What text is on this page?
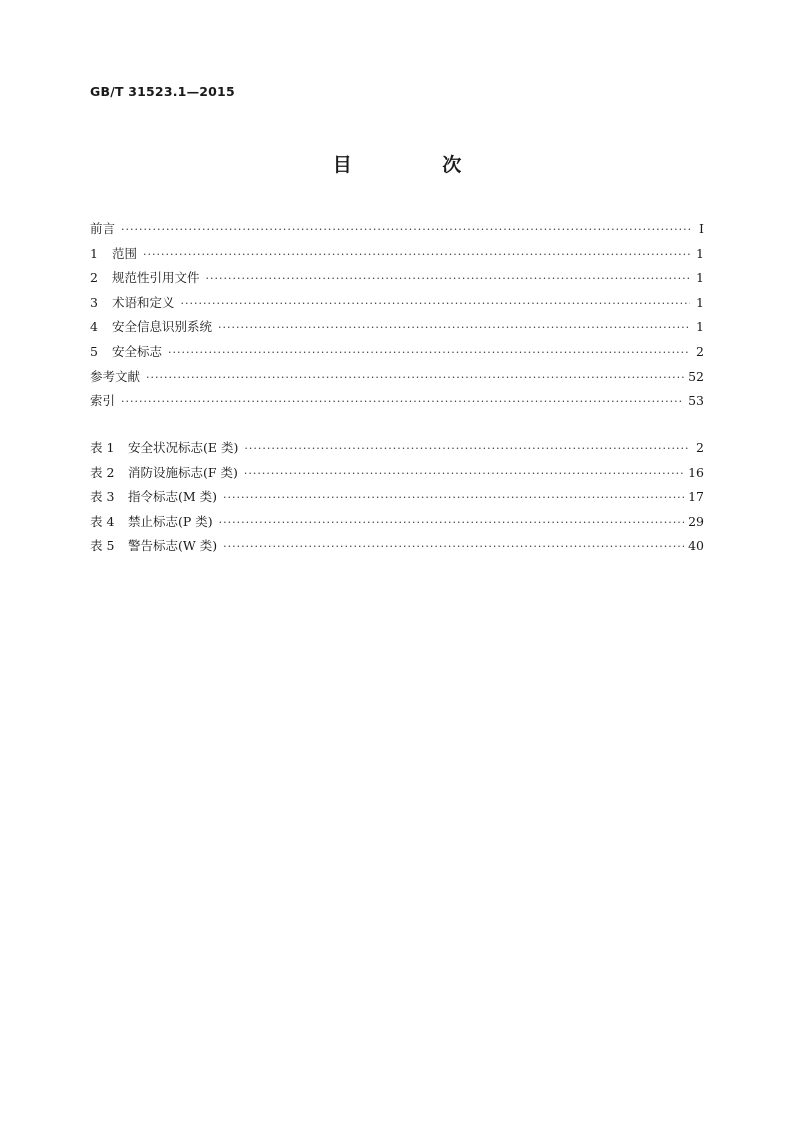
GB/T 31523.1—2015
目 次
前言 ·····	Ⅰ
1 范围 ·····	1
2 规范性引用文件 ·····	1
3 术语和定义 ·····	1
4 安全信息识别系统 ·····	1
5 安全标志 ·····	2
参考文献 ·····	52
索引 ·····	53
表 1 安全状况标志(E 类) ·····	2
表 2 消防设施标志(F 类) ·····	16
表 3 指令标志(M 类) ·····	17
表 4 禁止标志(P 类) ·····	29
表 5 警告标志(W 类) ·····	40
